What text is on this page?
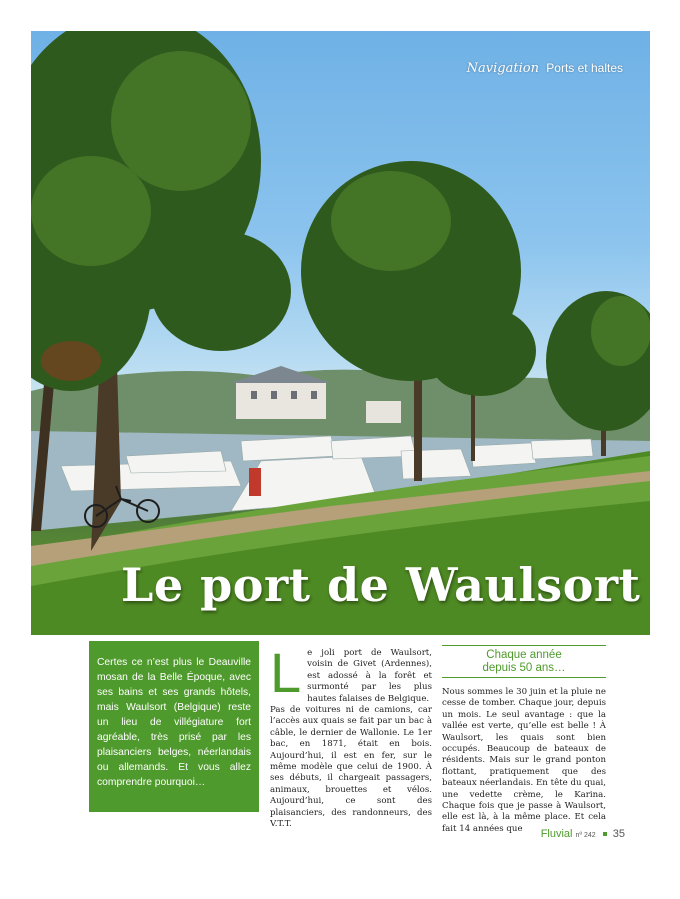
Navigation Ports et haltes
Le port de Waulsort

Certes ce n’est plus le Deauville mosan de la Belle Époque, avec ses bains et ses grands hôtels, mais Waulsort (Belgique) reste un lieu de villégiature fort agréable, très prisé par les plaisanciers belges, néerlandais ou allemands. Et vous allez comprendre pourquoi…

TEXTE ET PHOTOS YVAN GÉRONDAL

L e joli port de Waulsort, voisin de Givet (Ardennes), est adossé à la forêt et surmonté par les plus hautes falaises de Belgique.

Pas de voitures ni de camions, car l’accès aux quais se fait par un bac à câble, le dernier de Wallonie. Le 1er bac, en 1871, était en bois. Aujourd’hui, il est en fer, sur le même modèle que celui de 1900. À ses débuts, il chargeait passagers, animaux, brouettes et vélos. Aujourd’hui, ce sont des plaisanciers, des randonneurs, des V.T.T.

Chaque année
depuis 50 ans…

Nous sommes le 30 juin et la pluie ne cesse de tomber. Chaque jour, depuis un mois. Le seul avantage : que la vallée est verte, qu’elle est belle ! À Waulsort, les quais sont bien occupés. Beaucoup de bateaux de résidents. Mais sur le grand ponton flottant, pratiquement que des bateaux néerlandais. En tête du quai, une vedette crème, le Karina. Chaque fois que je passe à Waulsort, elle est là, à la même place. Et cela fait 14 années que	Fluvial nº 242 35
